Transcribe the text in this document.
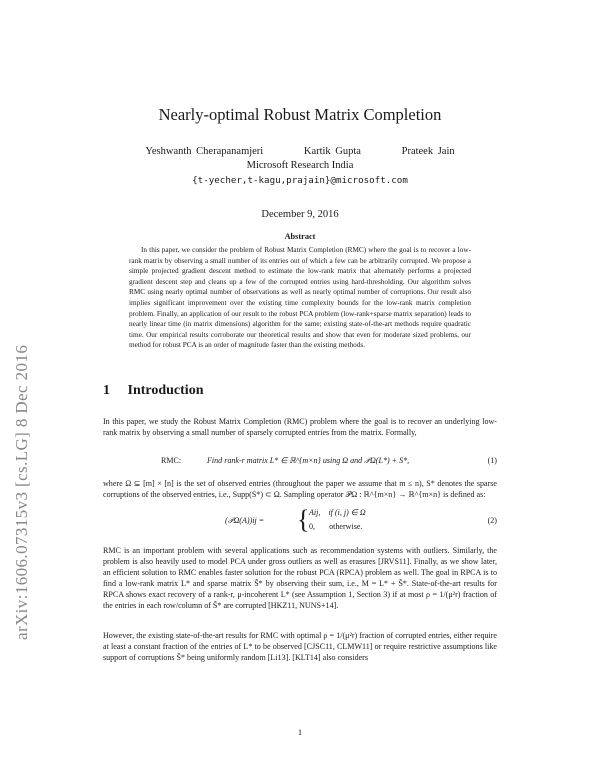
arXiv:1606.07315v3 [cs.LG] 8 Dec 2016
Nearly-optimal Robust Matrix Completion
Yeshwanth Cherapanamjeri	Kartik Gupta	Prateek Jain
Microsoft Research India
{t-yecher,t-kagu,prajain}@microsoft.com
December 9, 2016
Abstract
In this paper, we consider the problem of Robust Matrix Completion (RMC) where the goal is to recover a low-rank matrix by observing a small number of its entries out of which a few can be arbitrarily corrupted. We propose a simple projected gradient descent method to estimate the low-rank matrix that alternately performs a projected gradient descent step and cleans up a few of the corrupted entries using hard-thresholding. Our algorithm solves RMC using nearly optimal number of observations as well as nearly optimal number of corruptions. Our result also implies significant improvement over the existing time complexity bounds for the low-rank matrix completion problem. Finally, an application of our result to the robust PCA problem (low-rank+sparse matrix separation) leads to nearly linear time (in matrix dimensions) algorithm for the same; existing state-of-the-art methods require quadratic time. Our empirical results corroborate our theoretical results and show that even for moderate sized problems, our method for robust PCA is an order of magnitude faster than the existing methods.
1 Introduction
In this paper, we study the Robust Matrix Completion (RMC) problem where the goal is to recover an underlying low-rank matrix by observing a small number of sparsely corrupted entries from the matrix. Formally,
RMC:	Find rank-r matrix L* ∈ ℝ^{m×n} using Ω and 𝒫Ω(L*) + S*,	(1)
where Ω ⊆ [m] × [n] is the set of observed entries (throughout the paper we assume that m ≤ n), S* denotes the sparse corruptions of the observed entries, i.e., Supp(S*) ⊂ Ω. Sampling operator 𝒫Ω : ℝ^{m×n} → ℝ^{m×n} is defined as:
(𝒫Ω(A))ij = { Aij,    if (i, j) ∈ Ω
0,       otherwise.
(2)
RMC is an important problem with several applications such as recommendation systems with outliers. Similarly, the problem is also heavily used to model PCA under gross outliers as well as erasures [JRVS11]. Finally, as we show later, an efficient solution to RMC enables faster solution for the robust PCA (RPCA) problem as well. The goal in RPCA is to find a low-rank matrix L* and sparse matrix S̃* by observing their sum, i.e., M = L* + S̃*. State-of-the-art results for RPCA shows exact recovery of a rank-r, μ-incoherent L* (see Assumption 1, Section 3) if at most ρ = 1/(μ²r) fraction of the entries in each row/column of S̃* are corrupted [HKZ11, NUNS+14].
However, the existing state-of-the-art results for RMC with optimal ρ = 1/(μ²r) fraction of corrupted entries, either require at least a constant fraction of the entries of L* to be observed [CJSC11, CLMW11] or require restrictive assumptions like support of corruptions S̃* being uniformly random [Li13]. [KLT14] also considers
1
